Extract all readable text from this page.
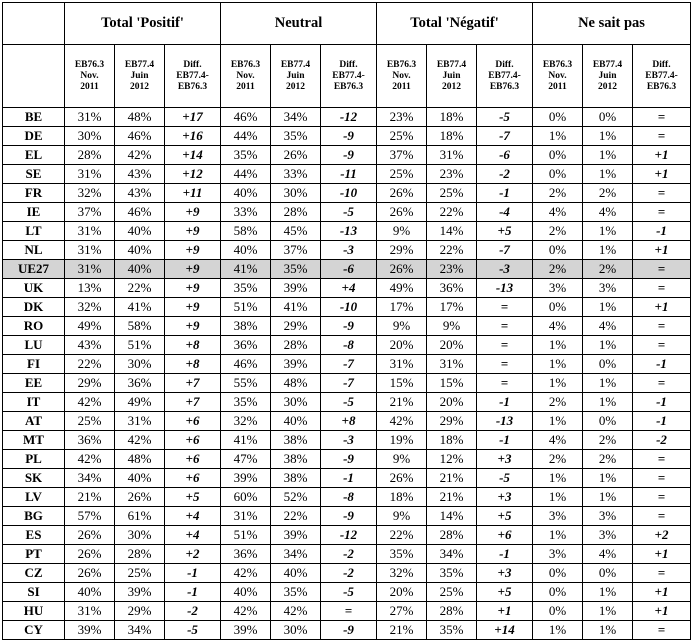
	Total 'Positif'			Neutral			Total 'Négatif'			Ne sait pas		

	EB76.3
Nov.
2011	EB77.4
Juin
2012	Diff.
EB77.4-
EB76.3	EB76.3
Nov.
2011	EB77.4
Juin
2012	Diff.
EB77.4-
EB76.3	EB76.3
Nov.
2011	EB77.4
Juin
2012	Diff.
EB77.4-
EB76.3	EB76.3
Nov.
2011	EB77.4
Juin
2012	Diff.
EB77.4-
EB76.3

BE	31%	48%	+17	46%	34%	-12	23%	18%	-5	0%	0%	=
DE	30%	46%	+16	44%	35%	-9	25%	18%	-7	1%	1%	=
EL	28%	42%	+14	35%	26%	-9	37%	31%	-6	0%	1%	+1
SE	31%	43%	+12	44%	33%	-11	25%	23%	-2	0%	1%	+1
FR	32%	43%	+11	40%	30%	-10	26%	25%	-1	2%	2%	=
IE	37%	46%	+9	33%	28%	-5	26%	22%	-4	4%	4%	=
LT	31%	40%	+9	58%	45%	-13	9%	14%	+5	2%	1%	-1
NL	31%	40%	+9	40%	37%	-3	29%	22%	-7	0%	1%	+1
UE27	31%	40%	+9	41%	35%	-6	26%	23%	-3	2%	2%	=
UK	13%	22%	+9	35%	39%	+4	49%	36%	-13	3%	3%	=
DK	32%	41%	+9	51%	41%	-10	17%	17%	=	0%	1%	+1
RO	49%	58%	+9	38%	29%	-9	9%	9%	=	4%	4%	=
LU	43%	51%	+8	36%	28%	-8	20%	20%	=	1%	1%	=
FI	22%	30%	+8	46%	39%	-7	31%	31%	=	1%	0%	-1
EE	29%	36%	+7	55%	48%	-7	15%	15%	=	1%	1%	=
IT	42%	49%	+7	35%	30%	-5	21%	20%	-1	2%	1%	-1
AT	25%	31%	+6	32%	40%	+8	42%	29%	-13	1%	0%	-1
MT	36%	42%	+6	41%	38%	-3	19%	18%	-1	4%	2%	-2
PL	42%	48%	+6	47%	38%	-9	9%	12%	+3	2%	2%	=
SK	34%	40%	+6	39%	38%	-1	26%	21%	-5	1%	1%	=
LV	21%	26%	+5	60%	52%	-8	18%	21%	+3	1%	1%	=
BG	57%	61%	+4	31%	22%	-9	9%	14%	+5	3%	3%	=
ES	26%	30%	+4	51%	39%	-12	22%	28%	+6	1%	3%	+2
PT	26%	28%	+2	36%	34%	-2	35%	34%	-1	3%	4%	+1
CZ	26%	25%	-1	42%	40%	-2	32%	35%	+3	0%	0%	=
SI	40%	39%	-1	40%	35%	-5	20%	25%	+5	0%	1%	+1
HU	31%	29%	-2	42%	42%	=	27%	28%	+1	0%	1%	+1
CY	39%	34%	-5	39%	30%	-9	21%	35%	+14	1%	1%	=
